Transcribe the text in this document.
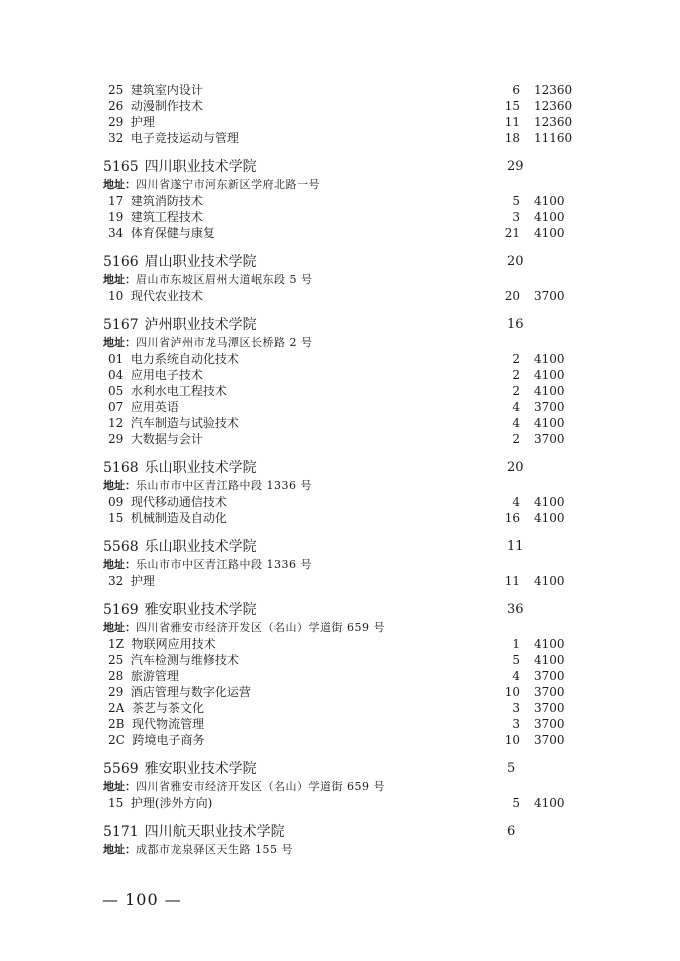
25 建筑室内设计	6 12360
26 动漫制作技术	15 12360
29 护理	11 12360
32 电子竞技运动与管理	18 11160
5165 四川职业技术学院	29
地址：四川省遂宁市河东新区学府北路一号
17 建筑消防技术	5 4100
19 建筑工程技术	3 4100
34 体育保健与康复	21 4100
5166 眉山职业技术学院	20
地址：眉山市东坡区眉州大道岷东段 5 号
10 现代农业技术	20 3700
5167 泸州职业技术学院	16
地址：四川省泸州市龙马潭区长桥路 2 号
01 电力系统自动化技术	2 4100
04 应用电子技术	2 4100
05 水利水电工程技术	2 4100
07 应用英语	4 3700
12 汽车制造与试验技术	4 4100
29 大数据与会计	2 3700
5168 乐山职业技术学院	20
地址：乐山市市中区青江路中段 1336 号
09 现代移动通信技术	4 4100
15 机械制造及自动化	16 4100
5568 乐山职业技术学院	11
地址：乐山市市中区青江路中段 1336 号
32 护理	11 4100
5169 雅安职业技术学院	36
地址：四川省雅安市经济开发区（名山）学道街 659 号
1Z 物联网应用技术	1 4100
25 汽车检测与维修技术	5 4100
28 旅游管理	4 3700
29 酒店管理与数字化运营	10 3700
2A 茶艺与茶文化	3 3700
2B 现代物流管理	3 3700
2C 跨境电子商务	10 3700
5569 雅安职业技术学院	5
地址：四川省雅安市经济开发区（名山）学道街 659 号
15 护理(涉外方向)	5 4100
5171 四川航天职业技术学院	6
地址：成都市龙泉驿区天生路 155 号
— 100 —
